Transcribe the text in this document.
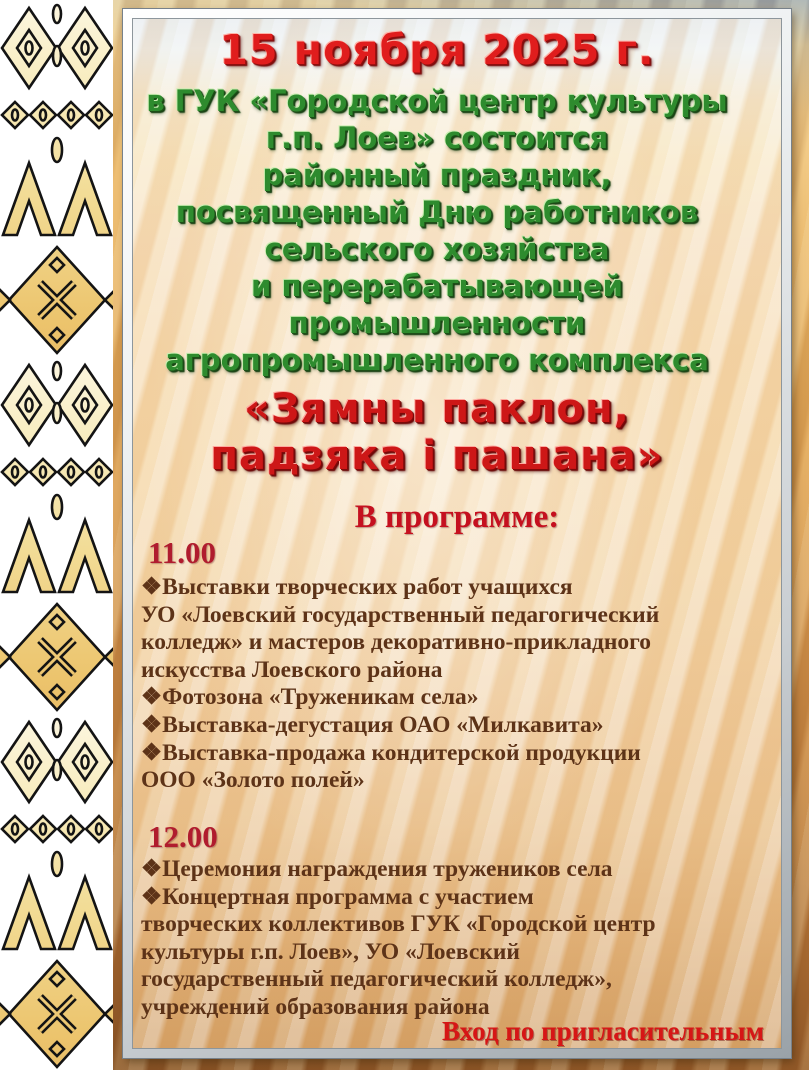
15 ноября 2025 г.
в ГУК «Городской центр культуры
г.п. Лоев» состоится
районный праздник,
посвященный Дню работников
сельского хозяйства
и перерабатывающей
промышленности
агропромышленного комплекса
«Зямны паклон,
падзяка і пашана»
В программе:
11.00
❖Выставки творческих работ учащихся
УО «Лоевский государственный педагогический
колледж» и мастеров декоративно-прикладного
искусства Лоевского района
❖Фотозона «Труженикам села»
❖Выставка-дегустация ОАО «Милкавита»
❖Выставка-продажа кондитерской продукции
ООО «Золото полей»
12.00
❖Церемония награждения тружеников села
❖Концертная программа с участием
творческих коллективов ГУК «Городской центр
культуры г.п. Лоев», УО «Лоевский
государственный педагогический колледж»,
учреждений образования района
Вход по пригласительным
